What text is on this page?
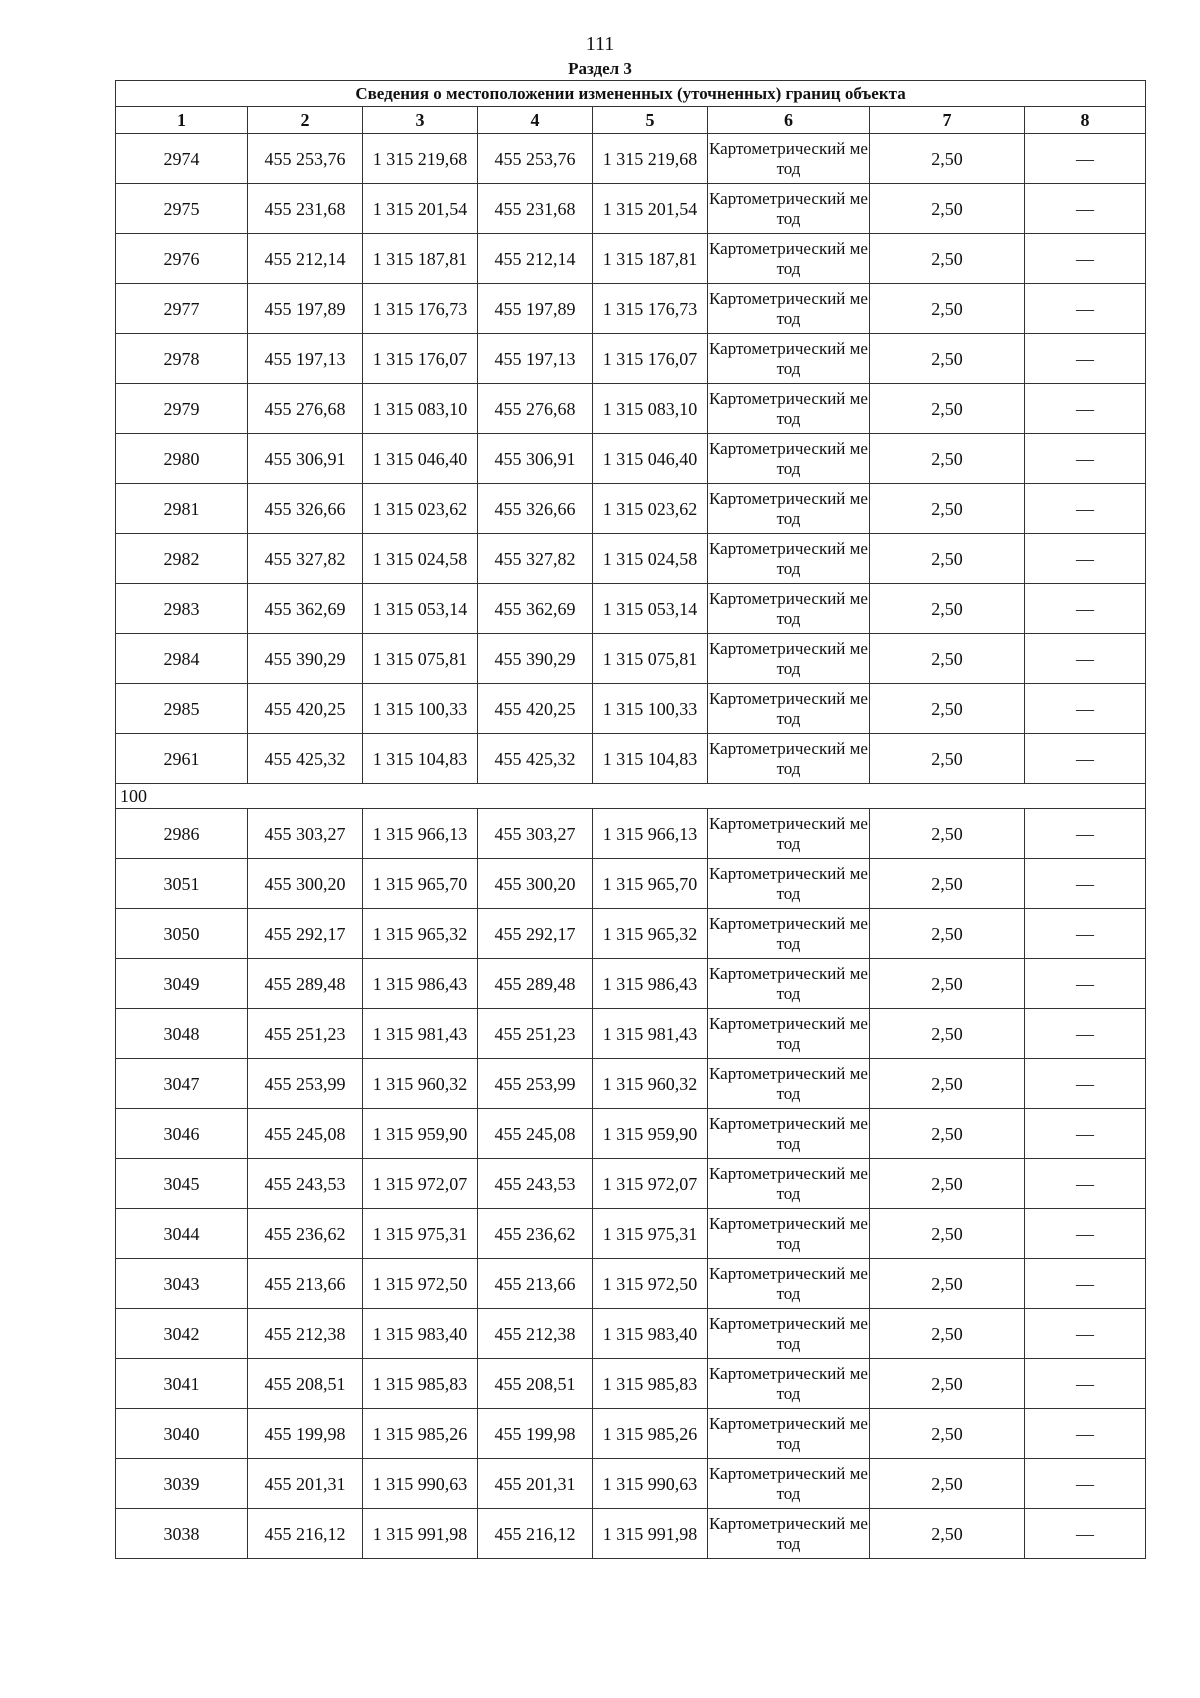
111
Раздел 3
Сведения о местоположении измененных (уточненных) границ объекта							
1	2	3	4	5	6	7	8
2974	455 253,76	1 315 219,68	455 253,76	1 315 219,68	Картометрический метод	2,50	—
2975	455 231,68	1 315 201,54	455 231,68	1 315 201,54	Картометрический метод	2,50	—
2976	455 212,14	1 315 187,81	455 212,14	1 315 187,81	Картометрический метод	2,50	—
2977	455 197,89	1 315 176,73	455 197,89	1 315 176,73	Картометрический метод	2,50	—
2978	455 197,13	1 315 176,07	455 197,13	1 315 176,07	Картометрический метод	2,50	—
2979	455 276,68	1 315 083,10	455 276,68	1 315 083,10	Картометрический метод	2,50	—
2980	455 306,91	1 315 046,40	455 306,91	1 315 046,40	Картометрический метод	2,50	—
2981	455 326,66	1 315 023,62	455 326,66	1 315 023,62	Картометрический метод	2,50	—
2982	455 327,82	1 315 024,58	455 327,82	1 315 024,58	Картометрический метод	2,50	—
2983	455 362,69	1 315 053,14	455 362,69	1 315 053,14	Картометрический метод	2,50	—
2984	455 390,29	1 315 075,81	455 390,29	1 315 075,81	Картометрический метод	2,50	—
2985	455 420,25	1 315 100,33	455 420,25	1 315 100,33	Картометрический метод	2,50	—
2961	455 425,32	1 315 104,83	455 425,32	1 315 104,83	Картометрический метод	2,50	—
100							
2986	455 303,27	1 315 966,13	455 303,27	1 315 966,13	Картометрический метод	2,50	—
3051	455 300,20	1 315 965,70	455 300,20	1 315 965,70	Картометрический метод	2,50	—
3050	455 292,17	1 315 965,32	455 292,17	1 315 965,32	Картометрический метод	2,50	—
3049	455 289,48	1 315 986,43	455 289,48	1 315 986,43	Картометрический метод	2,50	—
3048	455 251,23	1 315 981,43	455 251,23	1 315 981,43	Картометрический метод	2,50	—
3047	455 253,99	1 315 960,32	455 253,99	1 315 960,32	Картометрический метод	2,50	—
3046	455 245,08	1 315 959,90	455 245,08	1 315 959,90	Картометрический метод	2,50	—
3045	455 243,53	1 315 972,07	455 243,53	1 315 972,07	Картометрический метод	2,50	—
3044	455 236,62	1 315 975,31	455 236,62	1 315 975,31	Картометрический метод	2,50	—
3043	455 213,66	1 315 972,50	455 213,66	1 315 972,50	Картометрический метод	2,50	—
3042	455 212,38	1 315 983,40	455 212,38	1 315 983,40	Картометрический метод	2,50	—
3041	455 208,51	1 315 985,83	455 208,51	1 315 985,83	Картометрический метод	2,50	—
3040	455 199,98	1 315 985,26	455 199,98	1 315 985,26	Картометрический метод	2,50	—
3039	455 201,31	1 315 990,63	455 201,31	1 315 990,63	Картометрический метод	2,50	—
3038	455 216,12	1 315 991,98	455 216,12	1 315 991,98	Картометрический метод	2,50	—
